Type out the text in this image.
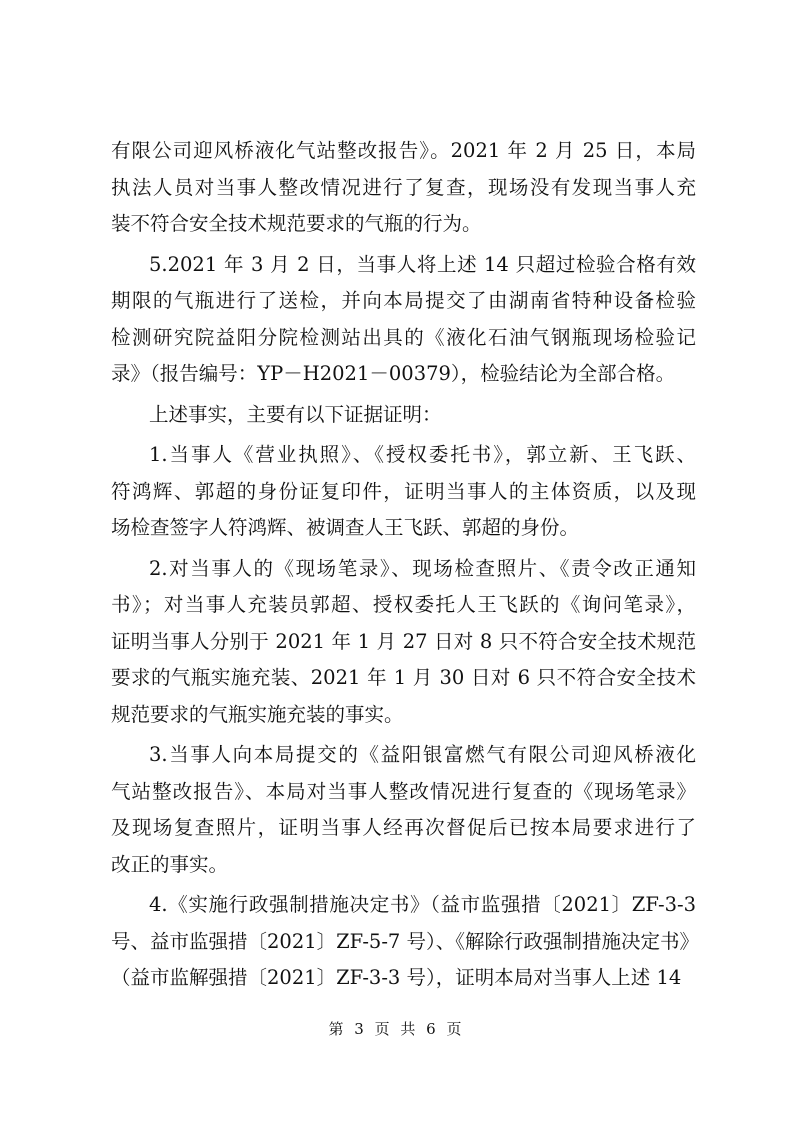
有限公司迎风桥液化气站整改报告》。2021 年 2 月 25 日，本局
执法人员对当事人整改情况进行了复查，现场没有发现当事人充
装不符合安全技术规范要求的气瓶的行为。
5.2021 年 3 月 2 日，当事人将上述 14 只超过检验合格有效
期限的气瓶进行了送检，并向本局提交了由湖南省特种设备检验
检测研究院益阳分院检测站出具的《液化石油气钢瓶现场检验记
录》（报告编号：YP－H2021－00379），检验结论为全部合格。
上述事实，主要有以下证据证明：
1.当事人《营业执照》、《授权委托书》，郭立新、王飞跃、
符鸿辉、郭超的身份证复印件，证明当事人的主体资质，以及现
场检查签字人符鸿辉、被调查人王飞跃、郭超的身份。
2.对当事人的《现场笔录》、现场检查照片、《责令改正通知
书》；对当事人充装员郭超、授权委托人王飞跃的《询问笔录》，
证明当事人分别于 2021 年 1 月 27 日对 8 只不符合安全技术规范
要求的气瓶实施充装、2021 年 1 月 30 日对 6 只不符合安全技术
规范要求的气瓶实施充装的事实。
3.当事人向本局提交的《益阳银富燃气有限公司迎风桥液化
气站整改报告》、本局对当事人整改情况进行复查的《现场笔录》
及现场复查照片，证明当事人经再次督促后已按本局要求进行了
改正的事实。
4.《实施行政强制措施决定书》（益市监强措〔2021〕ZF-3-3
号、益市监强措〔2021〕ZF-5-7 号）、《解除行政强制措施决定书》
（益市监解强措〔2021〕ZF-3-3 号），证明本局对当事人上述 14
第 3 页 共 6 页
